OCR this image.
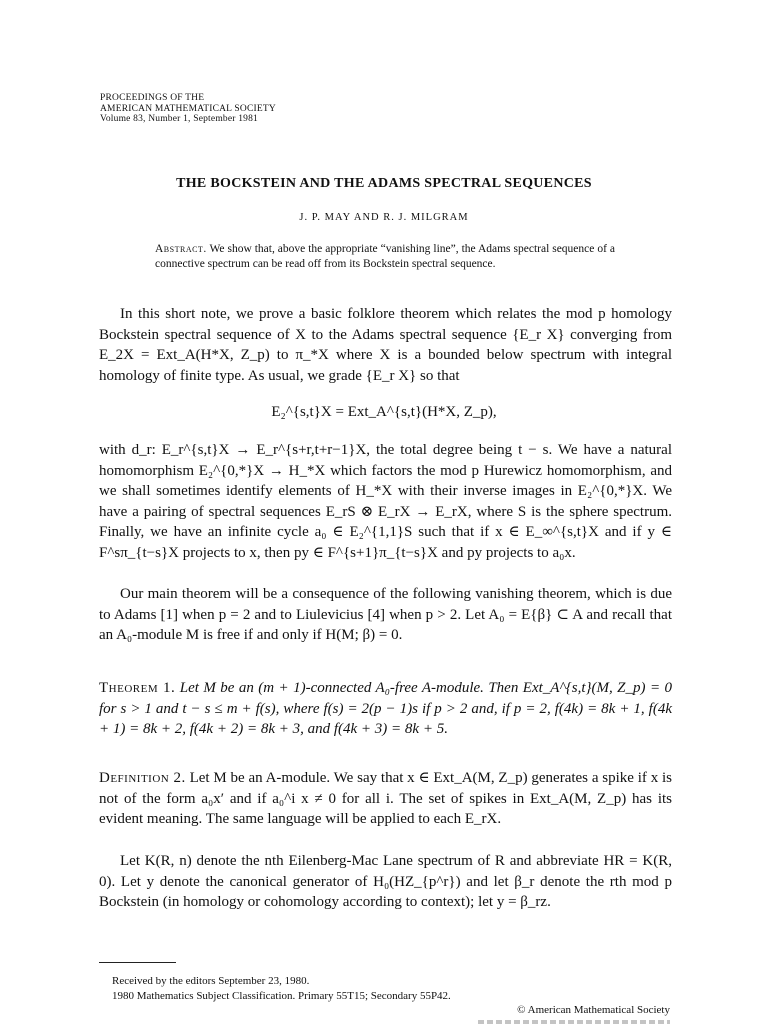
PROCEEDINGS OF THE
AMERICAN MATHEMATICAL SOCIETY
Volume 83, Number 1, September 1981
THE BOCKSTEIN AND THE ADAMS SPECTRAL SEQUENCES
J. P. MAY AND R. J. MILGRAM
Abstract. We show that, above the appropriate “vanishing line”, the Adams spectral sequence of a connective spectrum can be read off from its Bockstein spectral sequence.
In this short note, we prove a basic folklore theorem which relates the mod p homology Bockstein spectral sequence of X to the Adams spectral sequence {E_r X} converging from E_2X = Ext_A(H*X, Z_p) to π_*X where X is a bounded below spectrum with integral homology of finite type. As usual, we grade {E_r X} so that
E₂^{s,t}X = Ext_A^{s,t}(H*X, Z_p),
with d_r: E_r^{s,t}X → E_r^{s+r,t+r−1}X, the total degree being t − s. We have a natural homomorphism E₂^{0,*}X → H_*X which factors the mod p Hurewicz homomorphism, and we shall sometimes identify elements of H_*X with their inverse images in E₂^{0,*}X. We have a pairing of spectral sequences E_rS ⊗ E_rX → E_rX, where S is the sphere spectrum. Finally, we have an infinite cycle a₀ ∈ E₂^{1,1}S such that if x ∈ E_∞^{s,t}X and if y ∈ F^sπ_{t−s}X projects to x, then py ∈ F^{s+1}π_{t−s}X and py projects to a₀x.
Our main theorem will be a consequence of the following vanishing theorem, which is due to Adams [1] when p = 2 and to Liulevicius [4] when p > 2. Let A₀ = E{β} ⊂ A and recall that an A₀-module M is free if and only if H(M; β) = 0.
Theorem 1. Let M be an (m + 1)-connected A₀-free A-module. Then Ext_A^{s,t}(M, Z_p) = 0 for s > 1 and t − s ≤ m + f(s), where f(s) = 2(p − 1)s if p > 2 and, if p = 2, f(4k) = 8k + 1, f(4k + 1) = 8k + 2, f(4k + 2) = 8k + 3, and f(4k + 3) = 8k + 5.
Definition 2. Let M be an A-module. We say that x ∈ Ext_A(M, Z_p) generates a spike if x is not of the form a₀x′ and if a₀^i x ≠ 0 for all i. The set of spikes in Ext_A(M, Z_p) has its evident meaning. The same language will be applied to each E_rX.
Let K(R, n) denote the nth Eilenberg-Mac Lane spectrum of R and abbreviate HR = K(R, 0). Let y denote the canonical generator of H₀(HZ_{p^r}) and let β_r denote the rth mod p Bockstein (in homology or cohomology according to context); let y = β_rz.
Received by the editors September 23, 1980.
1980 Mathematics Subject Classification. Primary 55T15; Secondary 55P42.
© American Mathematical Society
